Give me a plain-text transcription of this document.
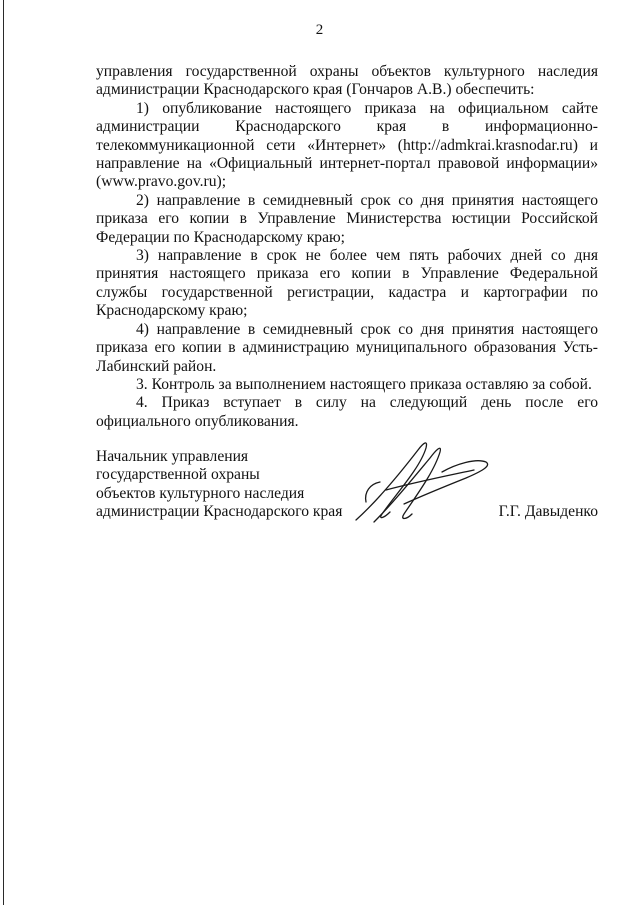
2

управления государственной охраны объектов культурного наследия администрации Краснодарского края (Гончаров А.В.) обеспечить:

1) опубликование настоящего приказа на официальном сайте администрации Краснодарского края в информационно-телекоммуникационной сети «Интернет» (http://admkrai.krasnodar.ru) и направление на «Официальный интернет-портал правовой информации» (www.pravo.gov.ru);

2) направление в семидневный срок со дня принятия настоящего приказа его копии в Управление Министерства юстиции Российской Федерации по Краснодарскому краю;

3) направление в срок не более чем пять рабочих дней со дня принятия настоящего приказа его копии в Управление Федеральной службы государственной регистрации, кадастра и картографии по Краснодарскому краю;

4) направление в семидневный срок со дня принятия настоящего приказа его копии в администрацию муниципального образования Усть-Лабинский район.

3. Контроль за выполнением настоящего приказа оставляю за собой.

4. Приказ вступает в силу на следующий день после его официального опубликования.

Начальник управления
государственной охраны
объектов культурного наследия
администрации Краснодарского края	Г.Г. Давыденко
